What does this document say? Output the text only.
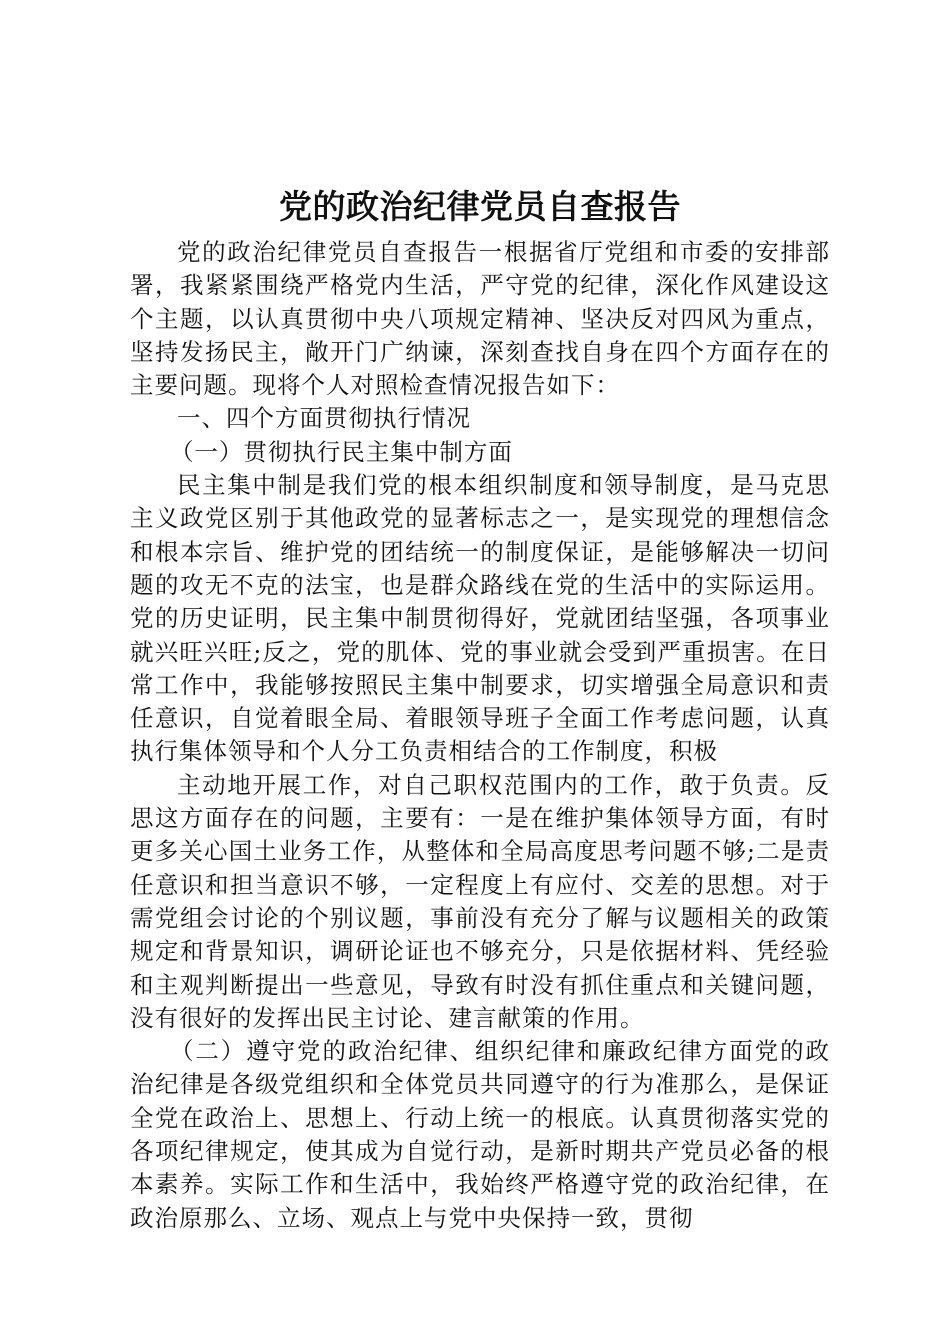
党的政治纪律党员自查报告

党的政治纪律党员自查报告一根据省厅党组和市委的安排部署，我紧紧围绕严格党内生活，严守党的纪律，深化作风建设这个主题，以认真贯彻中央八项规定精神、坚决反对四风为重点，坚持发扬民主，敞开门广纳谏，深刻查找自身在四个方面存在的主要问题。现将个人对照检查情况报告如下：

一、四个方面贯彻执行情况

（一）贯彻执行民主集中制方面

民主集中制是我们党的根本组织制度和领导制度，是马克思主义政党区别于其他政党的显著标志之一，是实现党的理想信念和根本宗旨、维护党的团结统一的制度保证，是能够解决一切问题的攻无不克的法宝，也是群众路线在党的生活中的实际运用。党的历史证明，民主集中制贯彻得好，党就团结坚强，各项事业就兴旺兴旺;反之，党的肌体、党的事业就会受到严重损害。在日常工作中，我能够按照民主集中制要求，切实增强全局意识和责任意识，自觉着眼全局、着眼领导班子全面工作考虑问题，认真执行集体领导和个人分工负责相结合的工作制度，积极

主动地开展工作，对自己职权范围内的工作，敢于负责。反思这方面存在的问题，主要有：一是在维护集体领导方面，有时更多关心国土业务工作，从整体和全局高度思考问题不够;二是责任意识和担当意识不够，一定程度上有应付、交差的思想。对于需党组会讨论的个别议题，事前没有充分了解与议题相关的政策规定和背景知识，调研论证也不够充分，只是依据材料、凭经验和主观判断提出一些意见，导致有时没有抓住重点和关键问题，没有很好的发挥出民主讨论、建言献策的作用。

（二）遵守党的政治纪律、组织纪律和廉政纪律方面党的政治纪律是各级党组织和全体党员共同遵守的行为准那么，是保证全党在政治上、思想上、行动上统一的根底。认真贯彻落实党的各项纪律规定，使其成为自觉行动，是新时期共产党员必备的根本素养。实际工作和生活中，我始终严格遵守党的政治纪律，在政治原那么、立场、观点上与党中央保持一致，贯彻
